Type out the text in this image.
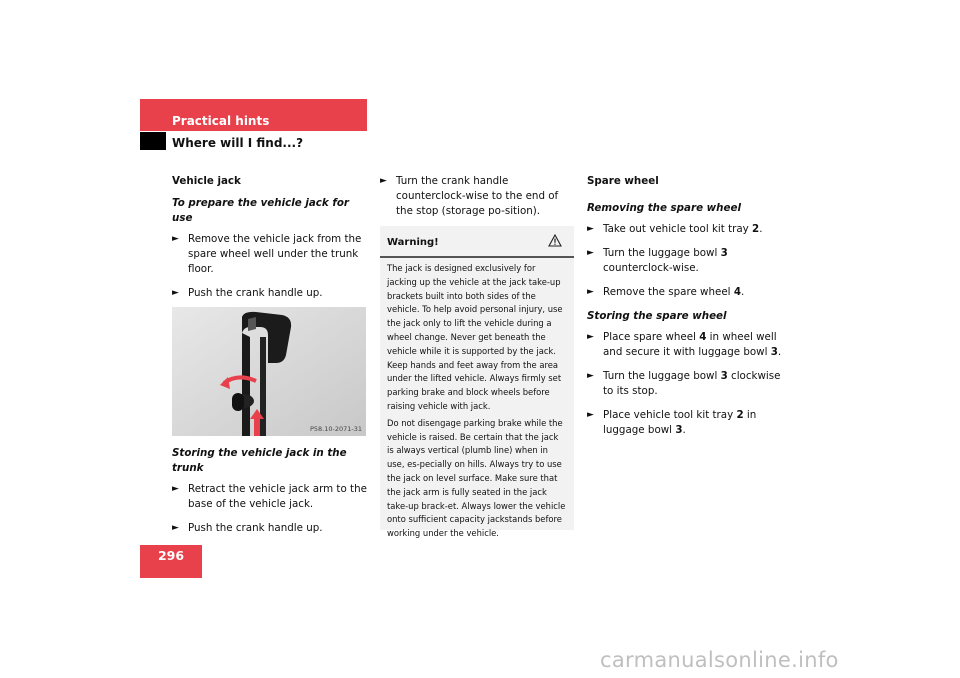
Practical hints
Where will I find...?

Vehicle jack

To prepare the vehicle jack for use

► Remove the vehicle jack from the spare wheel well under the trunk floor.

► Push the crank handle up.

P58.10-2071-31

Storing the vehicle jack in the trunk

► Retract the vehicle jack arm to the base of the vehicle jack.

► Push the crank handle up.

► Turn the crank handle counterclock-wise to the end of the stop (storage po-sition).

Warning!

The jack is designed exclusively for jacking up the vehicle at the jack take-up brackets built into both sides of the vehicle. To help avoid personal injury, use the jack only to lift the vehicle during a wheel change. Never get beneath the vehicle while it is supported by the jack. Keep hands and feet away from the area under the lifted vehicle. Always firmly set parking brake and block wheels before raising vehicle with jack.

Do not disengage parking brake while the vehicle is raised. Be certain that the jack is always vertical (plumb line) when in use, es-pecially on hills. Always try to use the jack on level surface. Make sure that the jack arm is fully seated in the jack take-up brack-et. Always lower the vehicle onto sufficient capacity jackstands before working under the vehicle.

Spare wheel

Removing the spare wheel

► Take out vehicle tool kit tray 2.

► Turn the luggage bowl 3 counterclock-wise.

► Remove the spare wheel 4.

Storing the spare wheel

► Place spare wheel 4 in wheel well and secure it with luggage bowl 3.

► Turn the luggage bowl 3 clockwise to its stop.

► Place vehicle tool kit tray 2 in luggage bowl 3.

296
carmanualsonline.info
